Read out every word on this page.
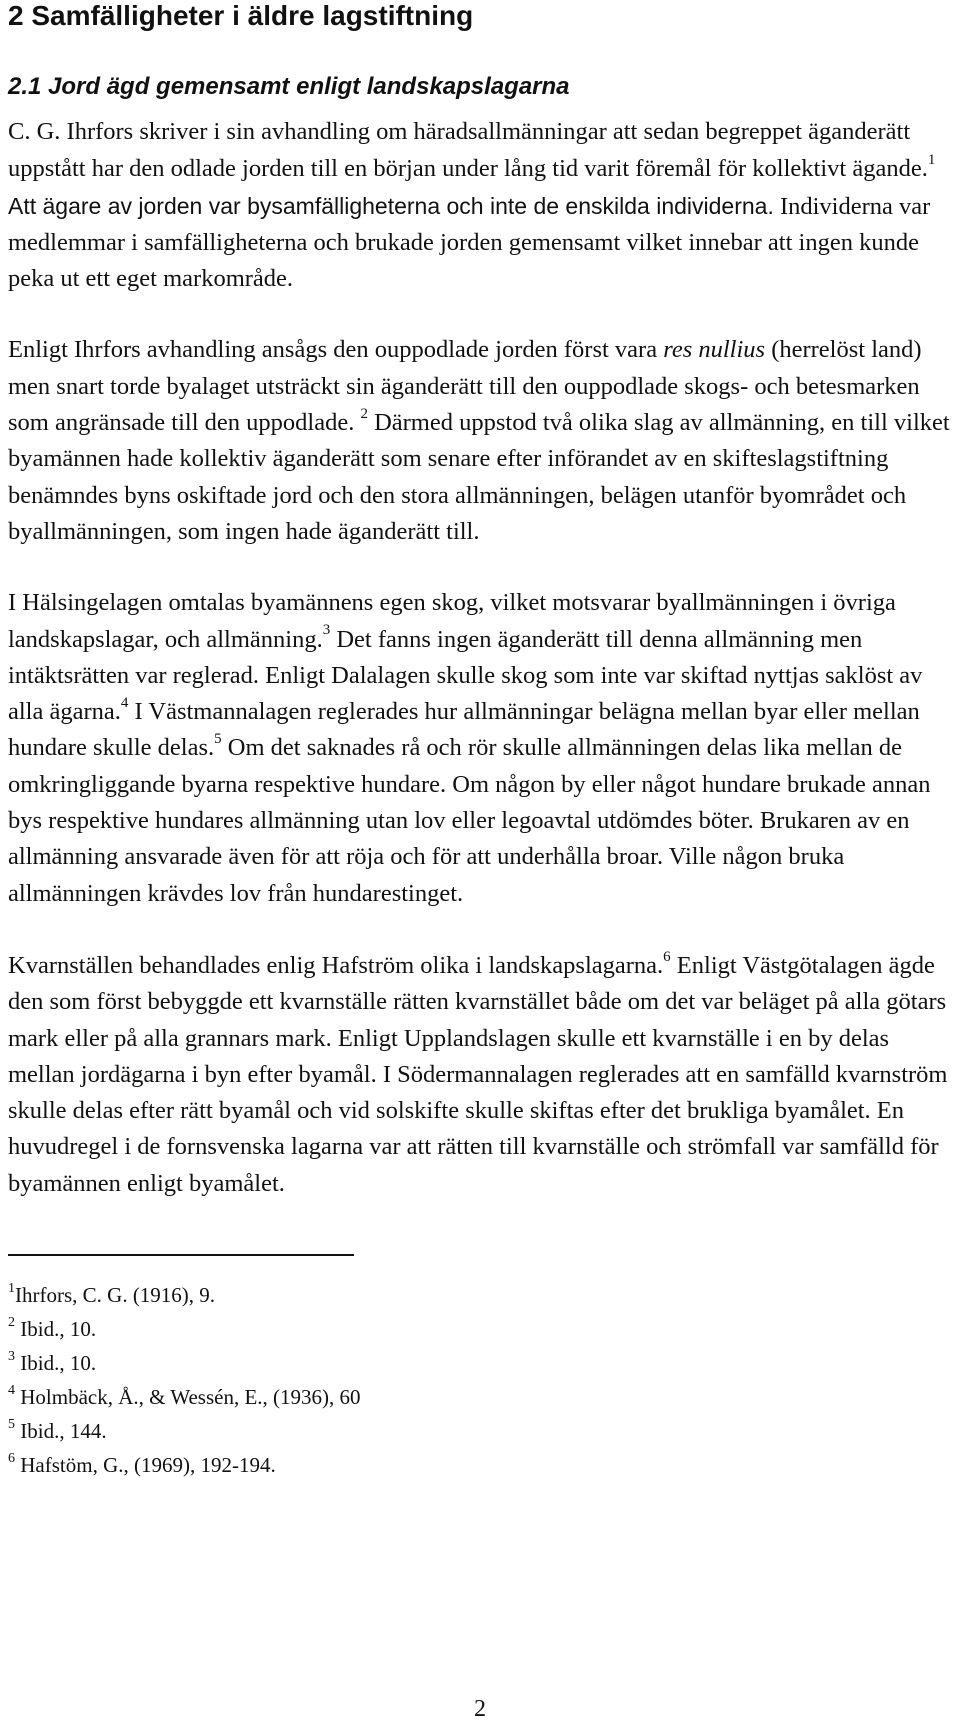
2 Samfälligheter i äldre lagstiftning
2.1 Jord ägd gemensamt enligt landskapslagarna

C. G. Ihrfors skriver i sin avhandling om häradsallmänningar att sedan begreppet äganderätt uppstått har den odlade jorden till en början under lång tid varit föremål för kollektivt ägande.$^1$ Att ägare av jorden var bysamfälligheterna och inte de enskilda individerna. Individerna var medlemmar i samfälligheterna och brukade jorden gemensamt vilket innebar att ingen kunde peka ut ett eget markområde.

Enligt Ihrfors avhandling ansågs den ouppodlade jorden först vara res nullius (herrelöst land) men snart torde byalaget utsträckt sin äganderätt till den ouppodlade skogs- och betesmarken som angränsade till den uppodlade. $^2$ Därmed uppstod två olika slag av allmänning, en till vilket byamännen hade kollektiv äganderätt som senare efter införandet av en skifteslagstiftning benämndes byns oskiftade jord och den stora allmänningen, belägen utanför byområdet och byallmänningen, som ingen hade äganderätt till.

I Hälsingelagen omtalas byamännens egen skog, vilket motsvarar byallmänningen i övriga landskapslagar, och allmänning.$^3$ Det fanns ingen äganderätt till denna allmänning men intäktsrätten var reglerad. Enligt Dalalagen skulle skog som inte var skiftad nyttjas saklöst av alla ägarna.$^4$ I Västmannalagen reglerades hur allmänningar belägna mellan byar eller mellan hundare skulle delas.$^5$ Om det saknades rå och rör skulle allmänningen delas lika mellan de omkringliggande byarna respektive hundare. Om någon by eller något hundare brukade annan bys respektive hundares allmänning utan lov eller legoavtal utdömdes böter. Brukaren av en allmänning ansvarade även för att röja och för att underhålla broar. Ville någon bruka allmänningen krävdes lov från hundarestinget.

Kvarnställen behandlades enlig Hafström olika i landskapslagarna.$^6$ Enligt Västgötalagen ägde den som först bebyggde ett kvarnställe rätten kvarnstället både om det var beläget på alla götars mark eller på alla grannars mark. Enligt Upplandslagen skulle ett kvarnställe i en by delas mellan jordägarna i byn efter byamål. I Södermannalagen reglerades att en samfälld kvarnström skulle delas efter rätt byamål och vid solskifte skulle skiftas efter det brukliga byamålet. En huvudregel i de fornsvenska lagarna var att rätten till kvarnställe och strömfall var samfälld för byamännen enligt byamålet.

$^1$Ihrfors, C. G. (1916), 9.
$^2$ Ibid., 10.
$^3$ Ibid., 10.
$^4$ Holmbäck, Å., & Wessén, E., (1936), 60
$^5$ Ibid., 144.
$^6$ Hafstöm, G., (1969), 192-194.
2
